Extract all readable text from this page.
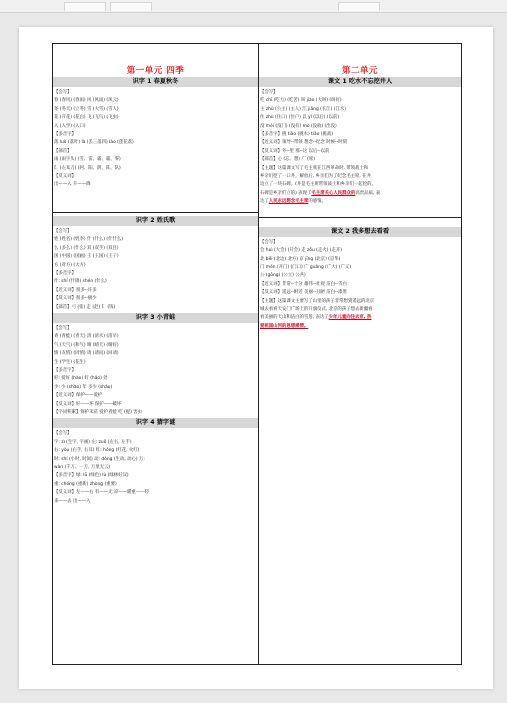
第一单元 四季
识字 1 春夏秋冬
【会写】
春 (春风) (春雨) 风 (风雨) (风云)
冬 (冬天) (立冬) 雪 (大雪) (雪人)
花 (开花) (花白) 飞 (飞鸟) (飞虫)
入 (入学) (入口)
【多音字】
落 luò (落叶) là (丢三落四) lào (莲花落)
【部首】
雨 (雨字头) (雪、雷、霜、霜、零)
阝 (左耳刀) (阿、阳、阴、阵、队)
【反义词】
出——入 升——降
识字 2 姓氏歌
【会写】
姓 (姓名) (姓李) 什 (什么) (什什么)
么 (多么) (什么) 双 (双手) (双目)
国 (中国) (国画) 王 (王国) (王子)
方 (对方) (大方)
【多音字】
什: shí (什锦) shén (什么)
【近义词】很多--许多
【反义词】很多--极少
【部首】弓 (张) 走 (赵) 钅 (钱)
识字 3 小青蛙
【会写】
青 (青蛙) (青天) 清 (清水) (清早)
气 (天气) (和气) 晴 (晴天) (晴好)
情 (友情) (同情) 请 (请问) (回请)
生 (学生) (花生)
【多音字】
好: 爱好 (hào) 好 (hǎo) 处
少: 少 (shào) 年 多少 (shǎo)
【近义词】保护——爱护
【反义词】好——坏 保护——破坏
【字词积累】保护禾苗 爱护青蛙 吃 (捉) 害虫
识字 4 猜字谜
【会写】
字: zì (生字, 字画) 左: zuǒ (左右, 左手)
右: yòu (右手, 右耳) 红: hóng (红花, 火红)
时: shí (小时, 时间) 动: dòng (生动, 动心) 万:
wàn (千万、一万, 万里无云)
【多音字】绿: lǜ (绿色) lù (绿林好汉)
重: chóng (重新) zhòng (重要)
【反义词】左——右 有——无 凉——暖重——轻
来——去 出——入
第二单元
课文 1 吃水不忘挖井人
【会写】
吃 chī (吃力) (吃苦) 叫 jiào (大叫) (叫好)
主 zhǔ (公主) (主人) 江 jiāng (长江) (江水)
住 zhù (住口) (住户) 以 yǐ (以后) (以前)
没 méi (没门) (没有) mò (没收) (出没)
【多音字】挑 tiāo (挑水) tiǎo (挑战)
【近义词】领导--带领 想念--纪念 时候--时刻
【反义词】外--里 那--这 以后--以前
【部首】心 (忘、想) 广 (席)
【主题】这篇课文写了毛主席在江西革命时, 带领战士和
乡亲们挖了一口井。解放后, 乡亲们为了纪念毛主席, 在井
边立了一块石碑。(井是毛主席带领战士和乡亲们一起挖的,
石碑是乡亲们立的) 表现了毛主席关心人民群众的高贵品质, 表
达了人民永远想念毛主席的感情。
课文 2 我多想去看看
【会写】
会 huì (大会) (开会) 走 zǒu (走火) (走开)
北 běi (北边) 北方) 京 jīng (北京) (京华)
门 mén (开门) (门口) 广 guǎng (广大) (广义)
公 (gōng) (公立) 公共)
【近义词】非常--十分 雄伟--壮观 洁白--雪白
【反义词】遥远--附近 美丽--丑陋 洁白--漆黑
【主题】这篇课文主要写了山里的孩子非常想到遥远的北京
城去看看天安门广场上的升旗仪式, 北京的孩子想去新疆看
看美丽的天山和洁白的雪莲, 表达了少年儿童向往去京, 热
爱祖国山河的思想感情。
